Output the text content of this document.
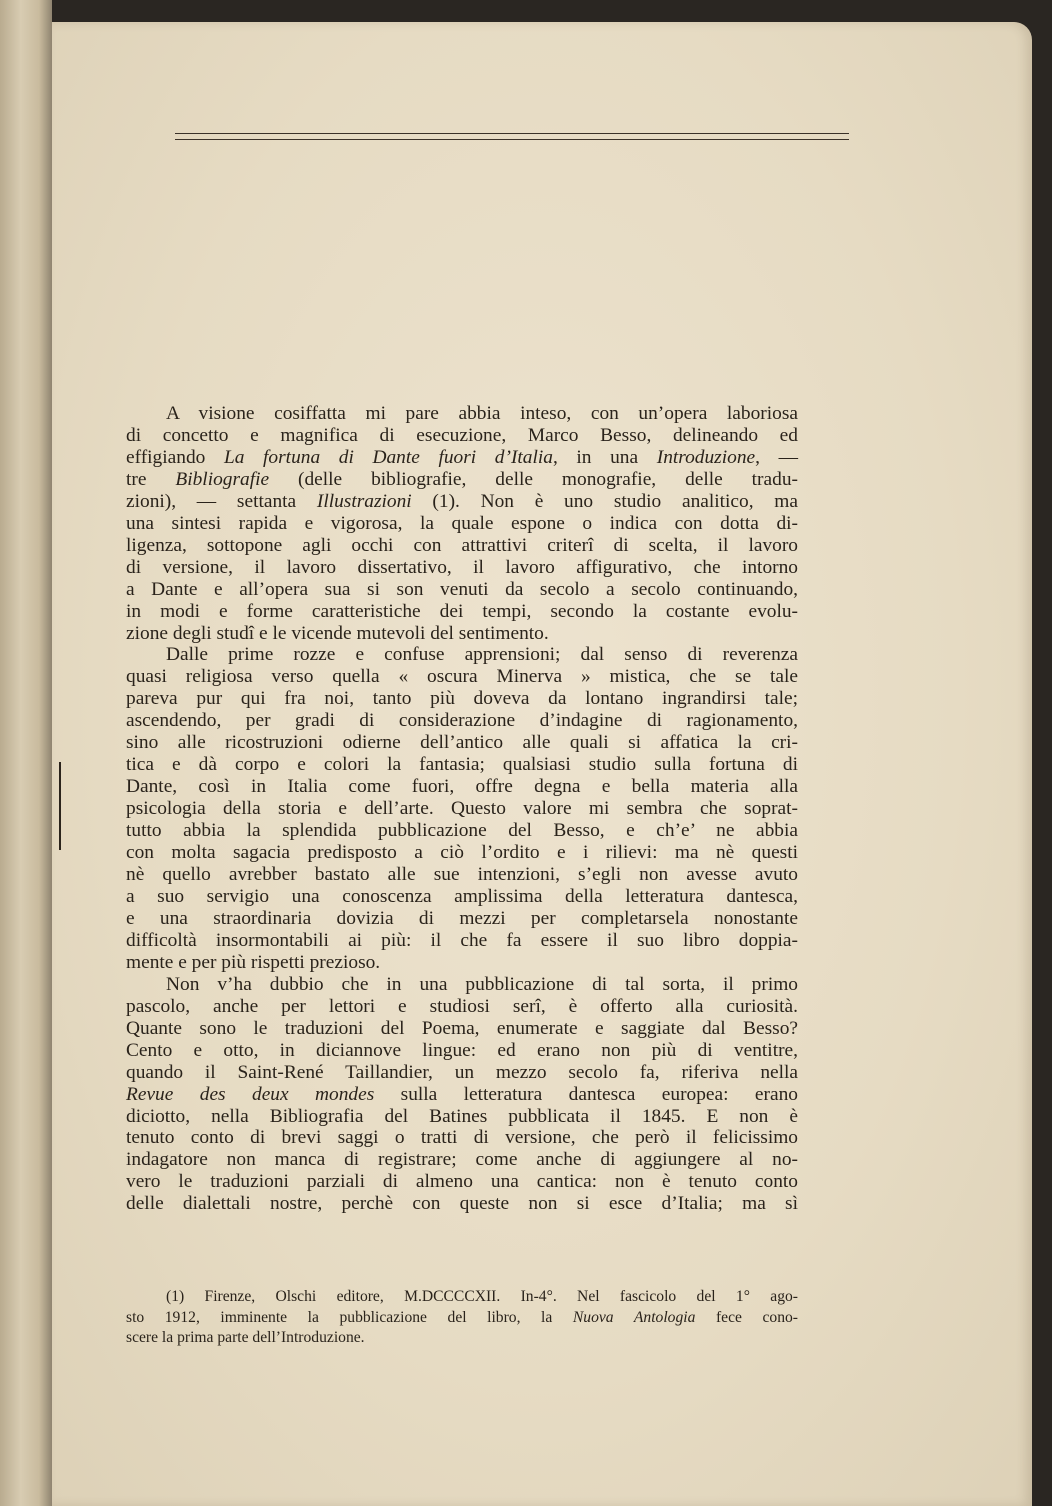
A visione cosiffatta mi pare abbia inteso, con un’opera laboriosa
di concetto e magnifica di esecuzione, Marco Besso, delineando ed
effigiando La fortuna di Dante fuori d’Italia, in una Introduzione, —
tre Bibliografie (delle bibliografie, delle monografie, delle tradu-
zioni), — settanta Illustrazioni (1). Non è uno studio analitico, ma
una sintesi rapida e vigorosa, la quale espone o indica con dotta di-
ligenza, sottopone agli occhi con attrattivi criterî di scelta, il lavoro
di versione, il lavoro dissertativo, il lavoro affigurativo, che intorno
a Dante e all’opera sua si son venuti da secolo a secolo continuando,
in modi e forme caratteristiche dei tempi, secondo la costante evolu-
zione degli studî e le vicende mutevoli del sentimento.
Dalle prime rozze e confuse apprensioni; dal senso di reverenza
quasi religiosa verso quella « oscura Minerva » mistica, che se tale
pareva pur qui fra noi, tanto più doveva da lontano ingrandirsi tale;
ascendendo, per gradi di considerazione d’indagine di ragionamento,
sino alle ricostruzioni odierne dell’antico alle quali si affatica la cri-
tica e dà corpo e colori la fantasia; qualsiasi studio sulla fortuna di
Dante, così in Italia come fuori, offre degna e bella materia alla
psicologia della storia e dell’arte. Questo valore mi sembra che soprat-
tutto abbia la splendida pubblicazione del Besso, e ch’e’ ne abbia
con molta sagacia predisposto a ciò l’ordito e i rilievi: ma nè questi
nè quello avrebber bastato alle sue intenzioni, s’egli non avesse avuto
a suo servigio una conoscenza amplissima della letteratura dantesca,
e una straordinaria dovizia di mezzi per completarsela nonostante
difficoltà insormontabili ai più: il che fa essere il suo libro doppia-
mente e per più rispetti prezioso.
Non v’ha dubbio che in una pubblicazione di tal sorta, il primo
pascolo, anche per lettori e studiosi serî, è offerto alla curiosità.
Quante sono le traduzioni del Poema, enumerate e saggiate dal Besso?
Cento e otto, in diciannove lingue: ed erano non più di ventitre,
quando il Saint-René Taillandier, un mezzo secolo fa, riferiva nella
Revue des deux mondes sulla letteratura dantesca europea: erano
diciotto, nella Bibliografia del Batines pubblicata il 1845. E non è
tenuto conto di brevi saggi o tratti di versione, che però il felicissimo
indagatore non manca di registrare; come anche di aggiungere al no-
vero le traduzioni parziali di almeno una cantica: non è tenuto conto
delle dialettali nostre, perchè con queste non si esce d’Italia; ma sì
(1) Firenze, Olschi editore, M.DCCCCXII. In-4°. Nel fascicolo del 1° ago-
sto 1912, imminente la pubblicazione del libro, la Nuova Antologia fece cono-
scere la prima parte dell’Introduzione.
